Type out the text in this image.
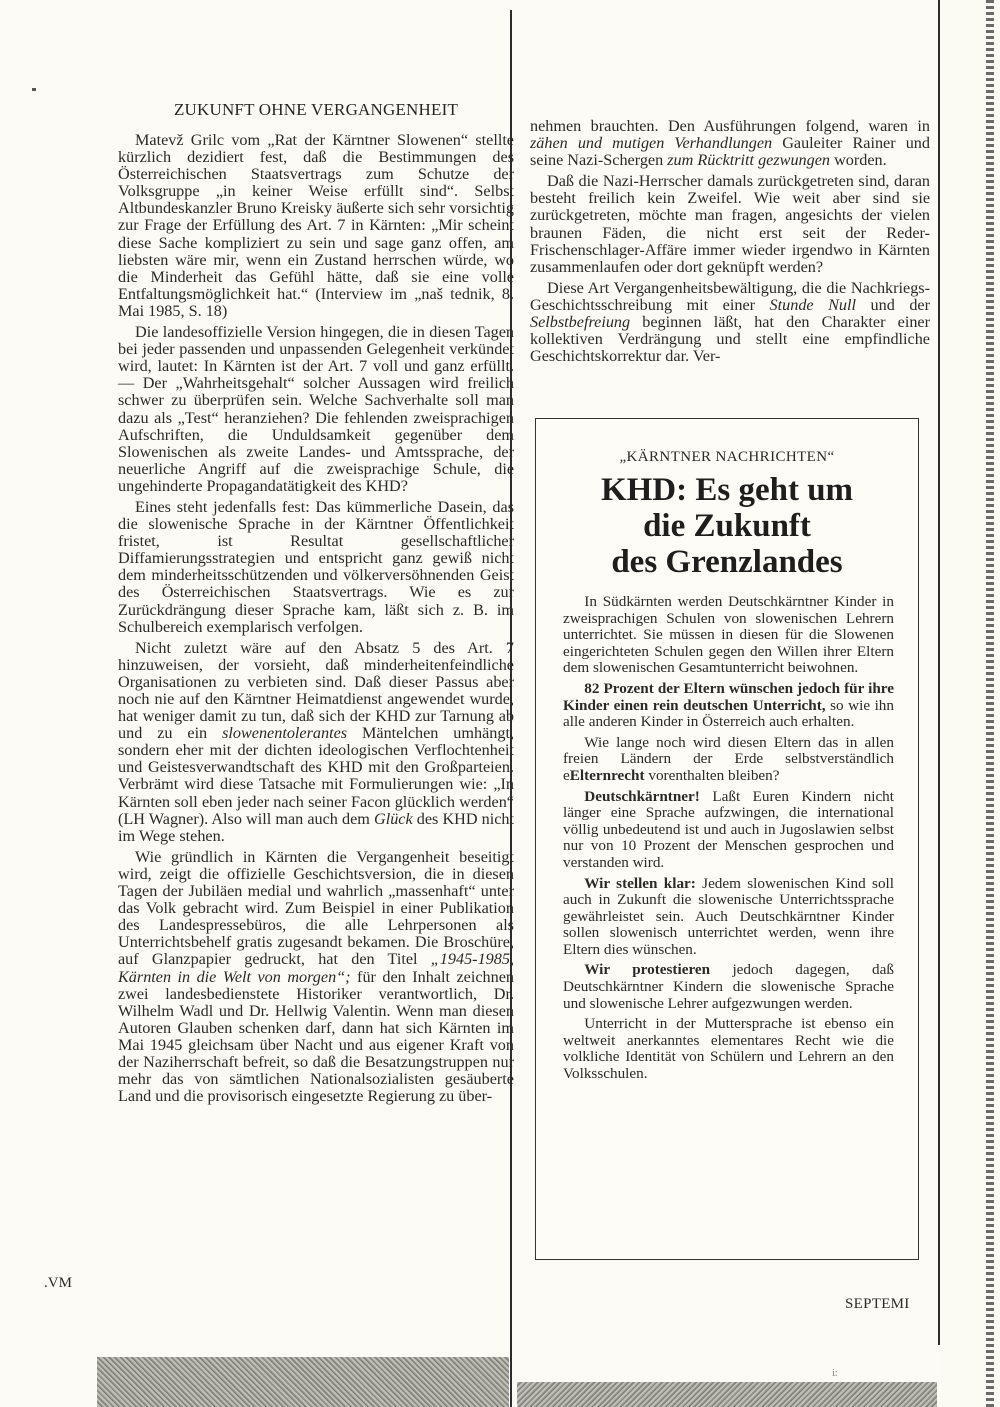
ZUKUNFT OHNE VERGANGENHEIT

Matevž Grilc vom „Rat der Kärntner Slowenen“ stellte kürzlich dezidiert fest, daß die Bestimmungen des Österreichischen Staatsvertrags zum Schutze der Volksgruppe „in keiner Weise erfüllt sind“. Selbst Altbundeskanzler Bruno Kreisky äußerte sich sehr vorsichtig zur Frage der Erfüllung des Art. 7 in Kärnten: „Mir scheint diese Sache kompliziert zu sein und sage ganz offen, am liebsten wäre mir, wenn ein Zustand herrschen würde, wo die Minderheit das Gefühl hätte, daß sie eine volle Entfaltungsmöglichkeit hat.“ (Interview im „naš tednik, 8. Mai 1985, S. 18)

Die landesoffizielle Version hingegen, die in diesen Tagen bei jeder passenden und unpassenden Gelegenheit verkündet wird, lautet: In Kärnten ist der Art. 7 voll und ganz erfüllt. — Der „Wahrheitsgehalt“ solcher Aussagen wird freilich schwer zu überprüfen sein. Welche Sachverhalte soll man dazu als „Test“ heranziehen? Die fehlenden zweisprachigen Aufschriften, die Unduldsamkeit gegenüber dem Slowenischen als zweite Landes- und Amtssprache, der neuerliche Angriff auf die zweisprachige Schule, die ungehinderte Propagandatätigkeit des KHD?

Eines steht jedenfalls fest: Das kümmerliche Dasein, das die slowenische Sprache in der Kärntner Öffentlichkeit fristet, ist Resultat gesellschaftlicher Diffamierungsstrategien und entspricht ganz gewiß nicht dem minderheitsschützenden und völkerversöhnenden Geist des Österreichischen Staatsvertrags. Wie es zur Zurückdrängung dieser Sprache kam, läßt sich z. B. im Schulbereich exemplarisch verfolgen.

Nicht zuletzt wäre auf den Absatz 5 des Art. 7 hinzuweisen, der vorsieht, daß minderheitenfeindliche Organisationen zu verbieten sind. Daß dieser Passus aber noch nie auf den Kärntner Heimatdienst angewendet wurde, hat weniger damit zu tun, daß sich der KHD zur Tarnung ab und zu ein slowenentolerantes Mäntelchen umhängt, sondern eher mit der dichten ideologischen Verflochtenheit und Geistesverwandtschaft des KHD mit den Großparteien. Verbrämt wird diese Tatsache mit Formulierungen wie: „In Kärnten soll eben jeder nach seiner Facon glücklich werden“ (LH Wagner). Also will man auch dem Glück des KHD nicht im Wege stehen.

Wie gründlich in Kärnten die Vergangenheit beseitigt wird, zeigt die offizielle Geschichtsversion, die in diesen Tagen der Jubiläen medial und wahrlich „massenhaft“ unter das Volk gebracht wird. Zum Beispiel in einer Publikation des Landespressebüros, die alle Lehrpersonen als Unterrichtsbehelf gratis zugesandt bekamen. Die Broschüre, auf Glanzpapier gedruckt, hat den Titel „1945-1985, Kärnten in die Welt von morgen“; für den Inhalt zeichnen zwei landesbedienstete Historiker verantwortlich, Dr. Wilhelm Wadl und Dr. Hellwig Valentin. Wenn man diesen Autoren Glauben schenken darf, dann hat sich Kärnten im Mai 1945 gleichsam über Nacht und aus eigener Kraft von der Naziherrschaft befreit, so daß die Besatzungstruppen nur mehr das von sämtlichen Nationalsozialisten gesäuberte Land und die provisorisch eingesetzte Regierung zu über-

nehmen brauchten. Den Ausführungen folgend, waren in zähen und mutigen Verhandlungen Gauleiter Rainer und seine Nazi-Schergen zum Rücktritt gezwungen worden.

Daß die Nazi-Herrscher damals zurückgetreten sind, daran besteht freilich kein Zweifel. Wie weit aber sind sie zurückgetreten, möchte man fragen, angesichts der vielen braunen Fäden, die nicht erst seit der Reder-Frischenschlager-Affäre immer wieder irgendwo in Kärnten zusammenlaufen oder dort geknüpft werden?

Diese Art Vergangenheitsbewältigung, die die Nachkriegs-Geschichtsschreibung mit einer Stunde Null und der Selbstbefreiung beginnen läßt, hat den Charakter einer kollektiven Verdrängung und stellt eine empfindliche Geschichtskorrektur dar. Ver-

„KÄRNTNER NACHRICHTEN“
KHD: Es geht um
die Zukunft
des Grenzlandes

In Südkärnten werden Deutschkärntner Kinder in zweisprachigen Schulen von slowenischen Lehrern unterrichtet. Sie müssen in diesen für die Slowenen eingerichteten Schulen gegen den Willen ihrer Eltern dem slowenischen Gesamtunterricht beiwohnen.

82 Prozent der Eltern wünschen jedoch für ihre Kinder einen rein deutschen Unterricht, so wie ihn alle anderen Kinder in Österreich auch erhalten.

Wie lange noch wird diesen Eltern das in allen freien Ländern der Erde selbstverständlich eElternrecht vorenthalten bleiben?

Deutschkärntner! Laßt Euren Kindern nicht länger eine Sprache aufzwingen, die international völlig unbedeutend ist und auch in Jugoslawien selbst nur von 10 Prozent der Menschen gesprochen und verstanden wird.

Wir stellen klar: Jedem slowenischen Kind soll auch in Zukunft die slowenische Unterrichtssprache gewährleistet sein. Auch Deutschkärntner Kinder sollen slowenisch unterrichtet werden, wenn ihre Eltern dies wünschen.

Wir protestieren jedoch dagegen, daß Deutschkärntner Kindern die slowenische Sprache und slowenische Lehrer aufgezwungen werden.

Unterricht in der Muttersprache ist ebenso ein weltweit anerkanntes elementares Recht wie die volkliche Identität von Schülern und Lehrern an den Volksschulen.

.VM
SEPTEMI
i:
